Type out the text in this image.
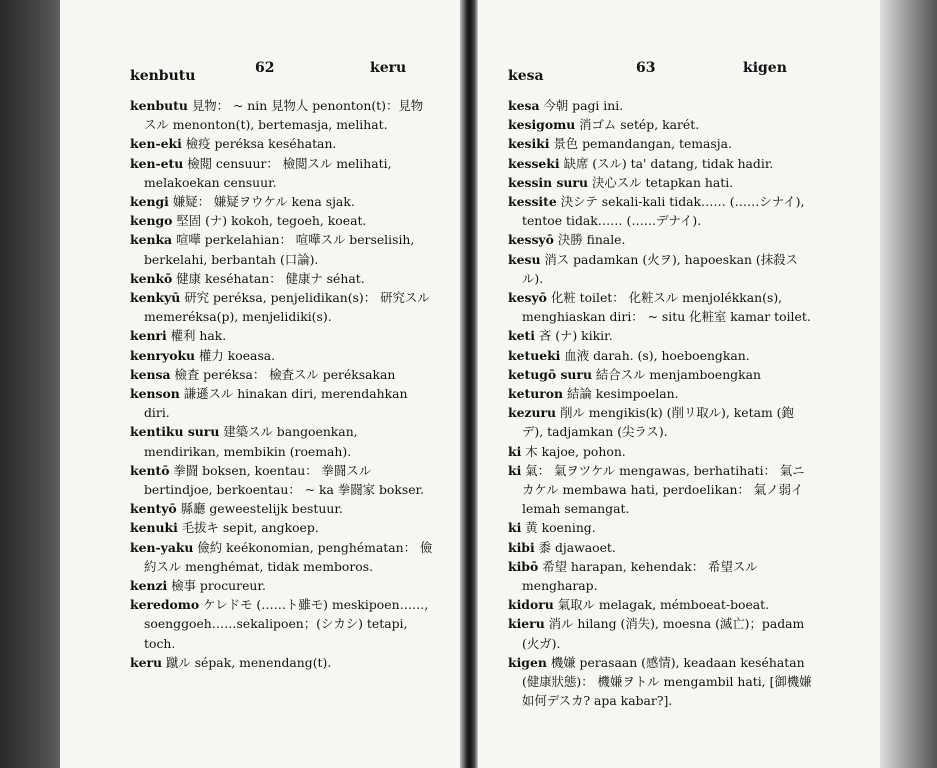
kenbutu	62	keru
kenbutu 見物： ~ nin 見物人 penonton(t)：見物スル menonton(t), bertemasja, melihat.
ken-eki 檢疫 peréksa keséhatan.
ken-etu 檢閲 censuur： 檢閲スル melihati, melakoekan censuur.
kengi 嫌疑： 嫌疑ヲウケル kena sjak.
kengo 堅固 (ナ) kokoh, tegoeh, koeat.
kenka 喧嘩 perkelahian： 喧嘩スル berselisih, berkelahi, berbantah (口論).
kenkō 健康 keséhatan： 健康ナ séhat.
kenkyū 研究 peréksa, penjelidikan(s)： 研究スル memeréksa(p), menjelidiki(s).
kenri 權利 hak.
kenryoku 權力 koeasa.
kensa 檢査 peréksa： 檢査スル peréksakan
kenson 謙遜スル hinakan diri, merendahkan diri.
kentiku suru 建築スル bangoenkan, mendirikan, membikin (roemah).
kentō 拳闘 boksen, koentau： 拳闘スル bertindjoe, berkoentau： ~ ka 拳闘家 bokser.
kentyō 縣廳 geweestelijk bestuur.
kenuki 毛拔キ sepit, angkoep.
ken-yaku 儉約 keékonomian, penghématan： 儉約スル menghémat, tidak memboros.
kenzi 檢事 procureur.
keredomo ケレドモ (……ト雖モ) meskipoen……, soenggoeh……sekalipoen；(シカシ) tetapi, toch.
keru 蹴ル sépak, menendang(t).
kesa	63	kigen
kesa 今朝 pagi ini.
kesigomu 消ゴム setép, karét.
kesiki 景色 pemandangan, temasja.
kesseki 缺席 (スル) ta' datang, tidak hadir.
kessin suru 決心スル tetapkan hati.
kessite 決シテ sekali-kali tidak…… (……シナイ), tentoe tidak…… (……デナイ).
kessyō 決勝 finale.
kesu 消ス padamkan (火ヲ), hapoeskan (抹殺スル).
kesyō 化粧 toilet： 化粧スル menjolékkan(s), menghiaskan diri： ~ situ 化粧室 kamar toilet.
keti 吝 (ナ) kikir.
ketueki 血液 darah. (s), hoeboengkan.
ketugō suru 結合スル menjamboengkan
keturon 結論 kesimpoelan.
kezuru 削ル mengikis(k) (削リ取ル), ketam (鉋デ), tadjamkan (尖ラス).
ki 木 kajoe, pohon.
ki 氣： 氣ヲツケル mengawas, berhatihati： 氣ニカケル membawa hati, perdoelikan： 氣ノ弱イ lemah semangat.
ki 黄 koening.
kibi 黍 djawaoet.
kibō 希望 harapan, kehendak： 希望スル mengharap.
kidoru 氣取ル melagak, mémboeat-boeat.
kieru 消ル hilang (消失), moesna (滅亡)；padam (火ガ).
kigen 機嫌 perasaan (感情), keadaan keséhatan (健康狀態)： 機嫌ヲトル mengambil hati, [御機嫌如何デスカ? apa kabar?].
